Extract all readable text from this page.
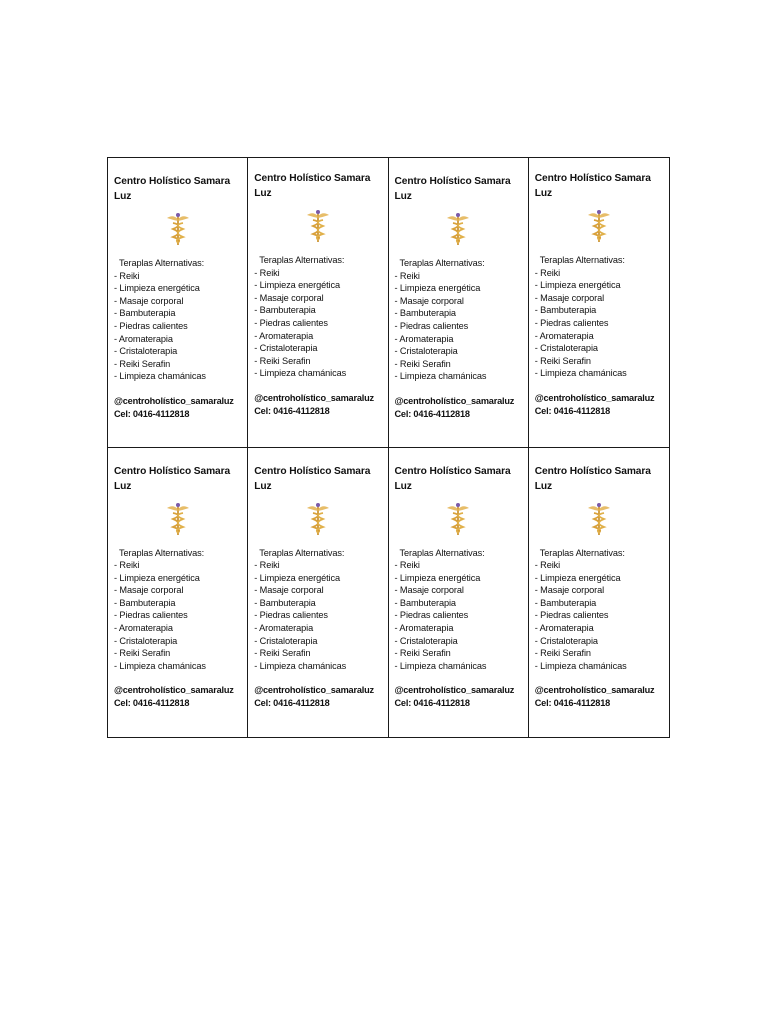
Centro Holístico Samara Luz
Teraplas Alternativas:
- Reiki
- Limpieza energética
- Masaje corporal
- Bambuterapia
- Piedras calientes
- Aromaterapia
- Cristaloterapia
- Reiki Serafin
- Limpieza chamánicas
@centroholístico_samaraluz
Cel: 0416-4112818
Centro Holístico Samara Luz
Teraplas Alternativas:
- Reiki
- Limpieza energética
- Masaje corporal
- Bambuterapia
- Piedras calientes
- Aromaterapia
- Cristaloterapia
- Reiki Serafin
- Limpieza chamánicas
@centroholístico_samaraluz
Cel: 0416-4112818
Centro Holístico Samara Luz
Teraplas Alternativas:
- Reiki
- Limpieza energética
- Masaje corporal
- Bambuterapia
- Piedras calientes
- Aromaterapia
- Cristaloterapia
- Reiki Serafin
- Limpieza chamánicas
@centroholístico_samaraluz
Cel: 0416-4112818
Centro Holístico Samara Luz
Teraplas Alternativas:
- Reiki
- Limpieza energética
- Masaje corporal
- Bambuterapia
- Piedras calientes
- Aromaterapia
- Cristaloterapia
- Reiki Serafin
- Limpieza chamánicas
@centroholístico_samaraluz
Cel: 0416-4112818
Centro Holístico Samara Luz
Teraplas Alternativas:
- Reiki
- Limpieza energética
- Masaje corporal
- Bambuterapia
- Piedras calientes
- Aromaterapia
- Cristaloterapia
- Reiki Serafin
- Limpieza chamánicas
@centroholístico_samaraluz
Cel: 0416-4112818
Centro Holístico Samara Luz
Teraplas Alternativas:
- Reiki
- Limpieza energética
- Masaje corporal
- Bambuterapia
- Piedras calientes
- Aromaterapia
- Cristaloterapia
- Reiki Serafin
- Limpieza chamánicas
@centroholístico_samaraluz
Cel: 0416-4112818
Centro Holístico Samara Luz
Teraplas Alternativas:
- Reiki
- Limpieza energética
- Masaje corporal
- Bambuterapia
- Piedras calientes
- Aromaterapia
- Cristaloterapia
- Reiki Serafin
- Limpieza chamánicas
@centroholístico_samaraluz
Cel: 0416-4112818
Centro Holístico Samara Luz
Teraplas Alternativas:
- Reiki
- Limpieza energética
- Masaje corporal
- Bambuterapia
- Piedras calientes
- Aromaterapia
- Cristaloterapia
- Reiki Serafin
- Limpieza chamánicas
@centroholístico_samaraluz
Cel: 0416-4112818
